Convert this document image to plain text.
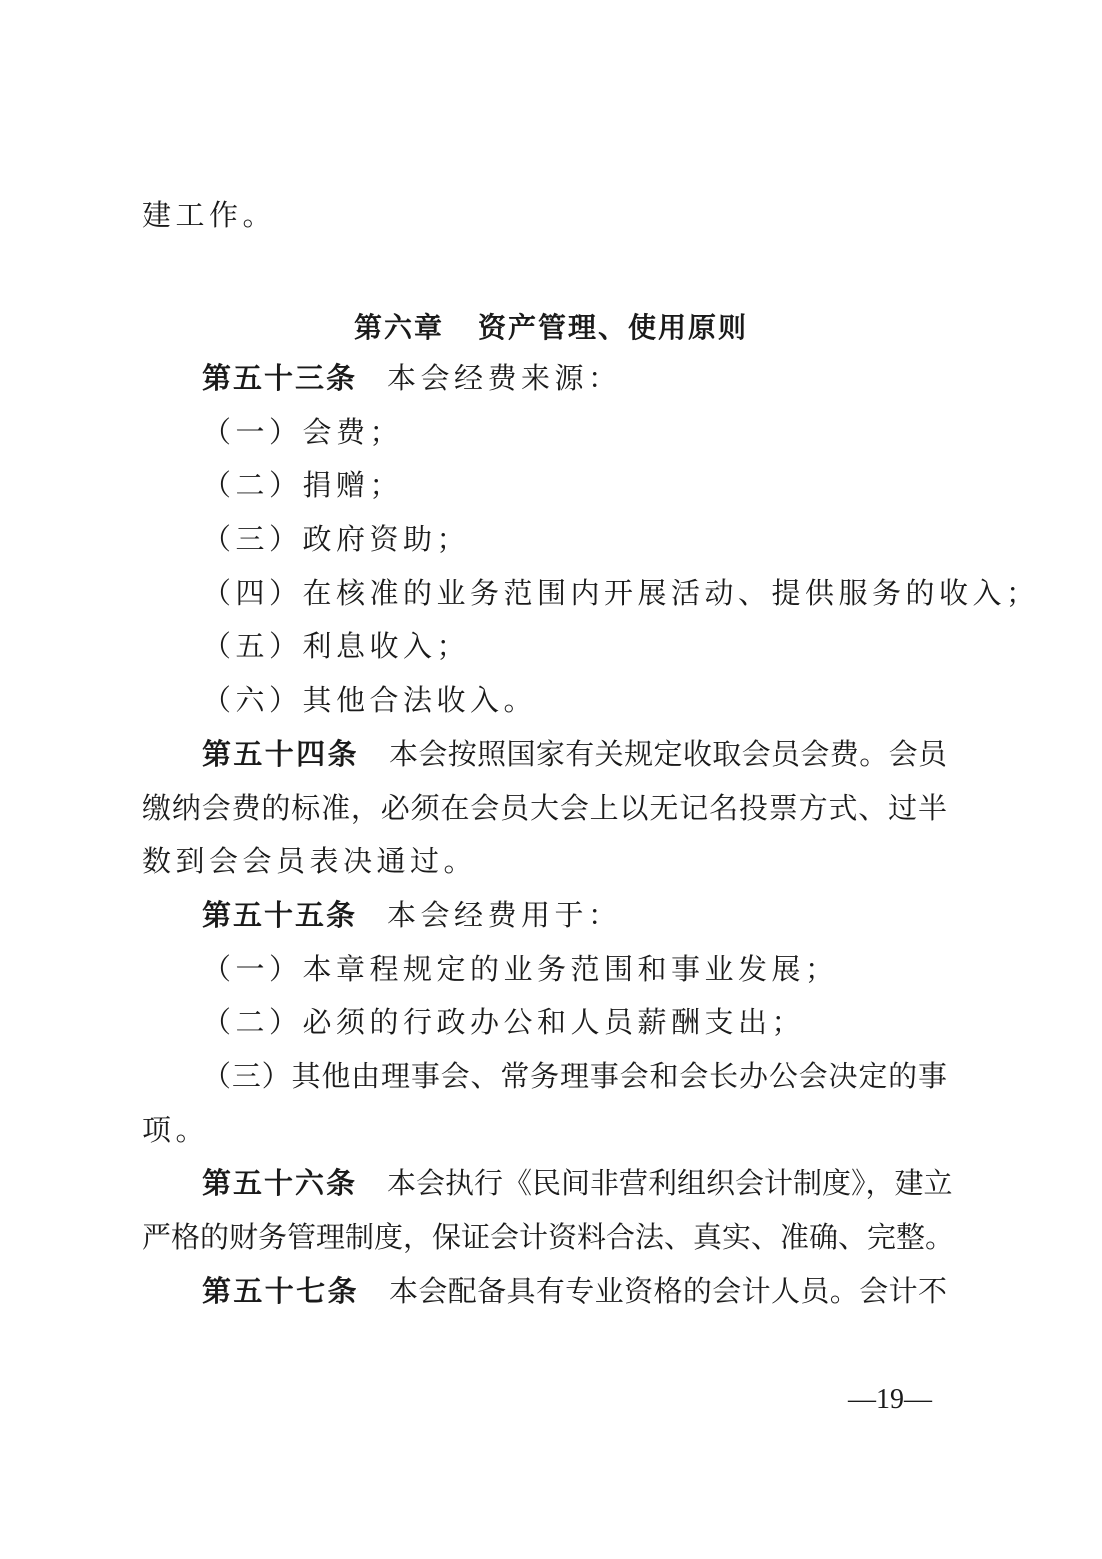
建工作。
第六章 资产管理、使用原则
第五十三条 本会经费来源：
（一）会费；
（二）捐赠；
（三）政府资助；
（四）在核准的业务范围内开展活动、提供服务的收入；
（五）利息收入；
（六）其他合法收入。
第五十四条 本会按照国家有关规定收取会员会费。会员
缴纳会费的标准，必须在会员大会上以无记名投票方式、过半
数到会会员表决通过。
第五十五条 本会经费用于：
（一）本章程规定的业务范围和事业发展；
（二）必须的行政办公和人员薪酬支出；
（三）其他由理事会、常务理事会和会长办公会决定的事
项。
第五十六条 本会执行《民间非营利组织会计制度》，建立
严格的财务管理制度，保证会计资料合法、真实、准确、完整。
第五十七条 本会配备具有专业资格的会计人员。会计不
—19—
